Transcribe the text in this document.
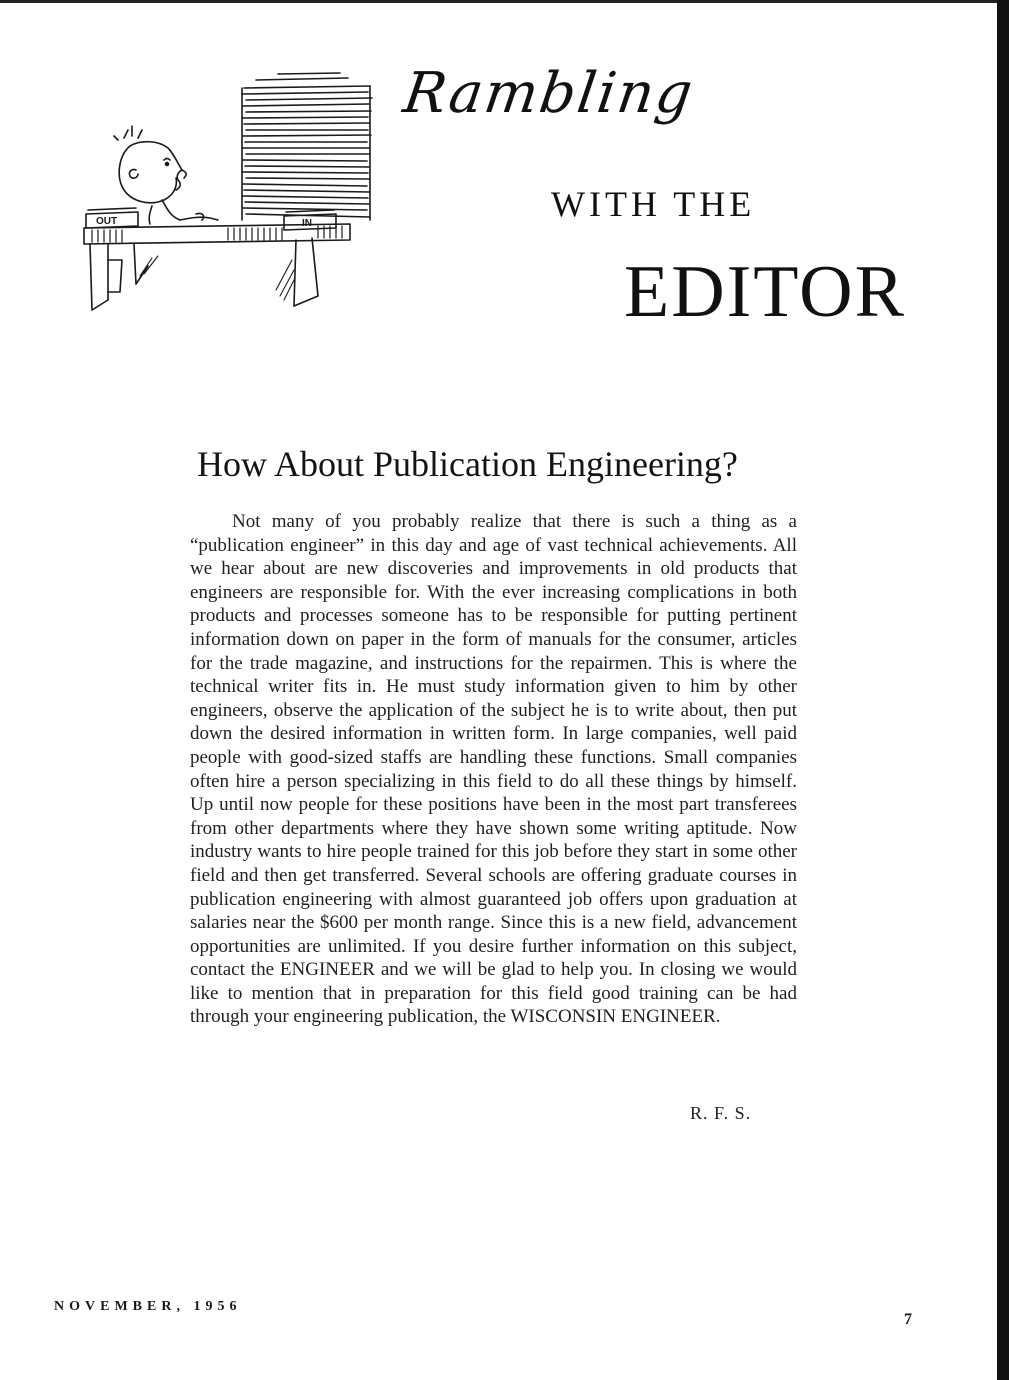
OUT	IN
Rambling
WITH THE
EDITOR
How About Publication Engineering?

Not many of you probably realize that there is such a thing as a “publication engineer” in this day and age of vast technical achievements. All we hear about are new discoveries and improvements in old products that engineers are responsible for. With the ever increasing complications in both products and processes someone has to be responsible for putting pertinent information down on paper in the form of manuals for the consumer, articles for the trade magazine, and instructions for the repairmen. This is where the technical writer fits in. He must study information given to him by other engineers, observe the application of the subject he is to write about, then put down the desired information in written form. In large companies, well paid people with good-sized staffs are handling these functions. Small companies often hire a person specializing in this field to do all these things by himself. Up until now people for these positions have been in the most part transferees from other departments where they have shown some writing aptitude. Now industry wants to hire people trained for this job before they start in some other field and then get transferred. Several schools are offering graduate courses in publication engineering with almost guaranteed job offers upon graduation at salaries near the $600 per month range. Since this is a new field, advancement opportunities are unlimited. If you desire further information on this subject, contact the ENGINEER and we will be glad to help you. In closing we would like to mention that in preparation for this field good training can be had through your engineering publication, the WISCONSIN ENGINEER.

R. F. S.
NOVEMBER, 1956
7
